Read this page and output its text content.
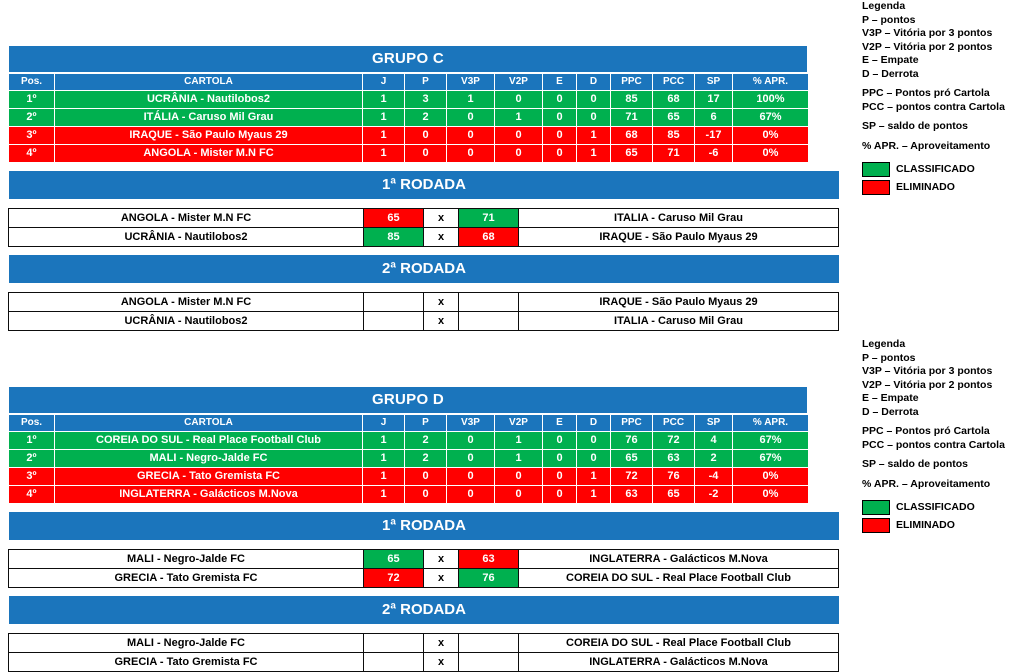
GRUPO C
Pos.	CARTOLA	J	P	V3P	V2P	E	D	PPC	PCC	SP	% APR.
1º	UCRÂNIA - Nautilobos2	1	3	1	0	0	0	85	68	17	100%
2º	ITÁLIA - Caruso Mil Grau	1	2	0	1	0	0	71	65	6	67%
3º	IRAQUE - São Paulo Myaus 29	1	0	0	0	0	1	68	85	-17	0%
4º	ANGOLA - Mister M.N FC	1	0	0	0	0	1	65	71	-6	0%
1ª RODADA
ANGOLA - Mister M.N FC	65	x	71	ITALIA - Caruso Mil Grau
UCRÂNIA - Nautilobos2	85	x	68	IRAQUE - São Paulo Myaus 29
2ª RODADA
ANGOLA - Mister M.N FC		x		IRAQUE - São Paulo Myaus 29
UCRÂNIA - Nautilobos2		x		ITALIA - Caruso Mil Grau
GRUPO D
Pos.	CARTOLA	J	P	V3P	V2P	E	D	PPC	PCC	SP	% APR.
1º	COREIA DO SUL - Real Place Football Club	1	2	0	1	0	0	76	72	4	67%
2º	MALI - Negro-Jalde FC	1	2	0	1	0	0	65	63	2	67%
3º	GRECIA - Tato Gremista FC	1	0	0	0	0	1	72	76	-4	0%
4º	INGLATERRA - Galácticos M.Nova	1	0	0	0	0	1	63	65	-2	0%
1ª RODADA
MALI - Negro-Jalde FC	65	x	63	INGLATERRA - Galácticos M.Nova
GRECIA - Tato Gremista FC	72	x	76	COREIA DO SUL - Real Place Football Club
2ª RODADA
MALI - Negro-Jalde FC		x		COREIA DO SUL - Real Place Football Club
GRECIA - Tato Gremista FC		x		INGLATERRA - Galácticos M.Nova
Legenda
P – pontos
V3P – Vitória por 3 pontos
V2P – Vitória por 2 pontos
E – Empate
D – Derrota
PPC – Pontos pró Cartola
PCC – pontos contra Cartola
SP – saldo de pontos
% APR. – Aproveitamento
CLASSIFICADO
ELIMINADO
Legenda
P – pontos
V3P – Vitória por 3 pontos
V2P – Vitória por 2 pontos
E – Empate
D – Derrota
PPC – Pontos pró Cartola
PCC – pontos contra Cartola
SP – saldo de pontos
% APR. – Aproveitamento
CLASSIFICADO
ELIMINADO
